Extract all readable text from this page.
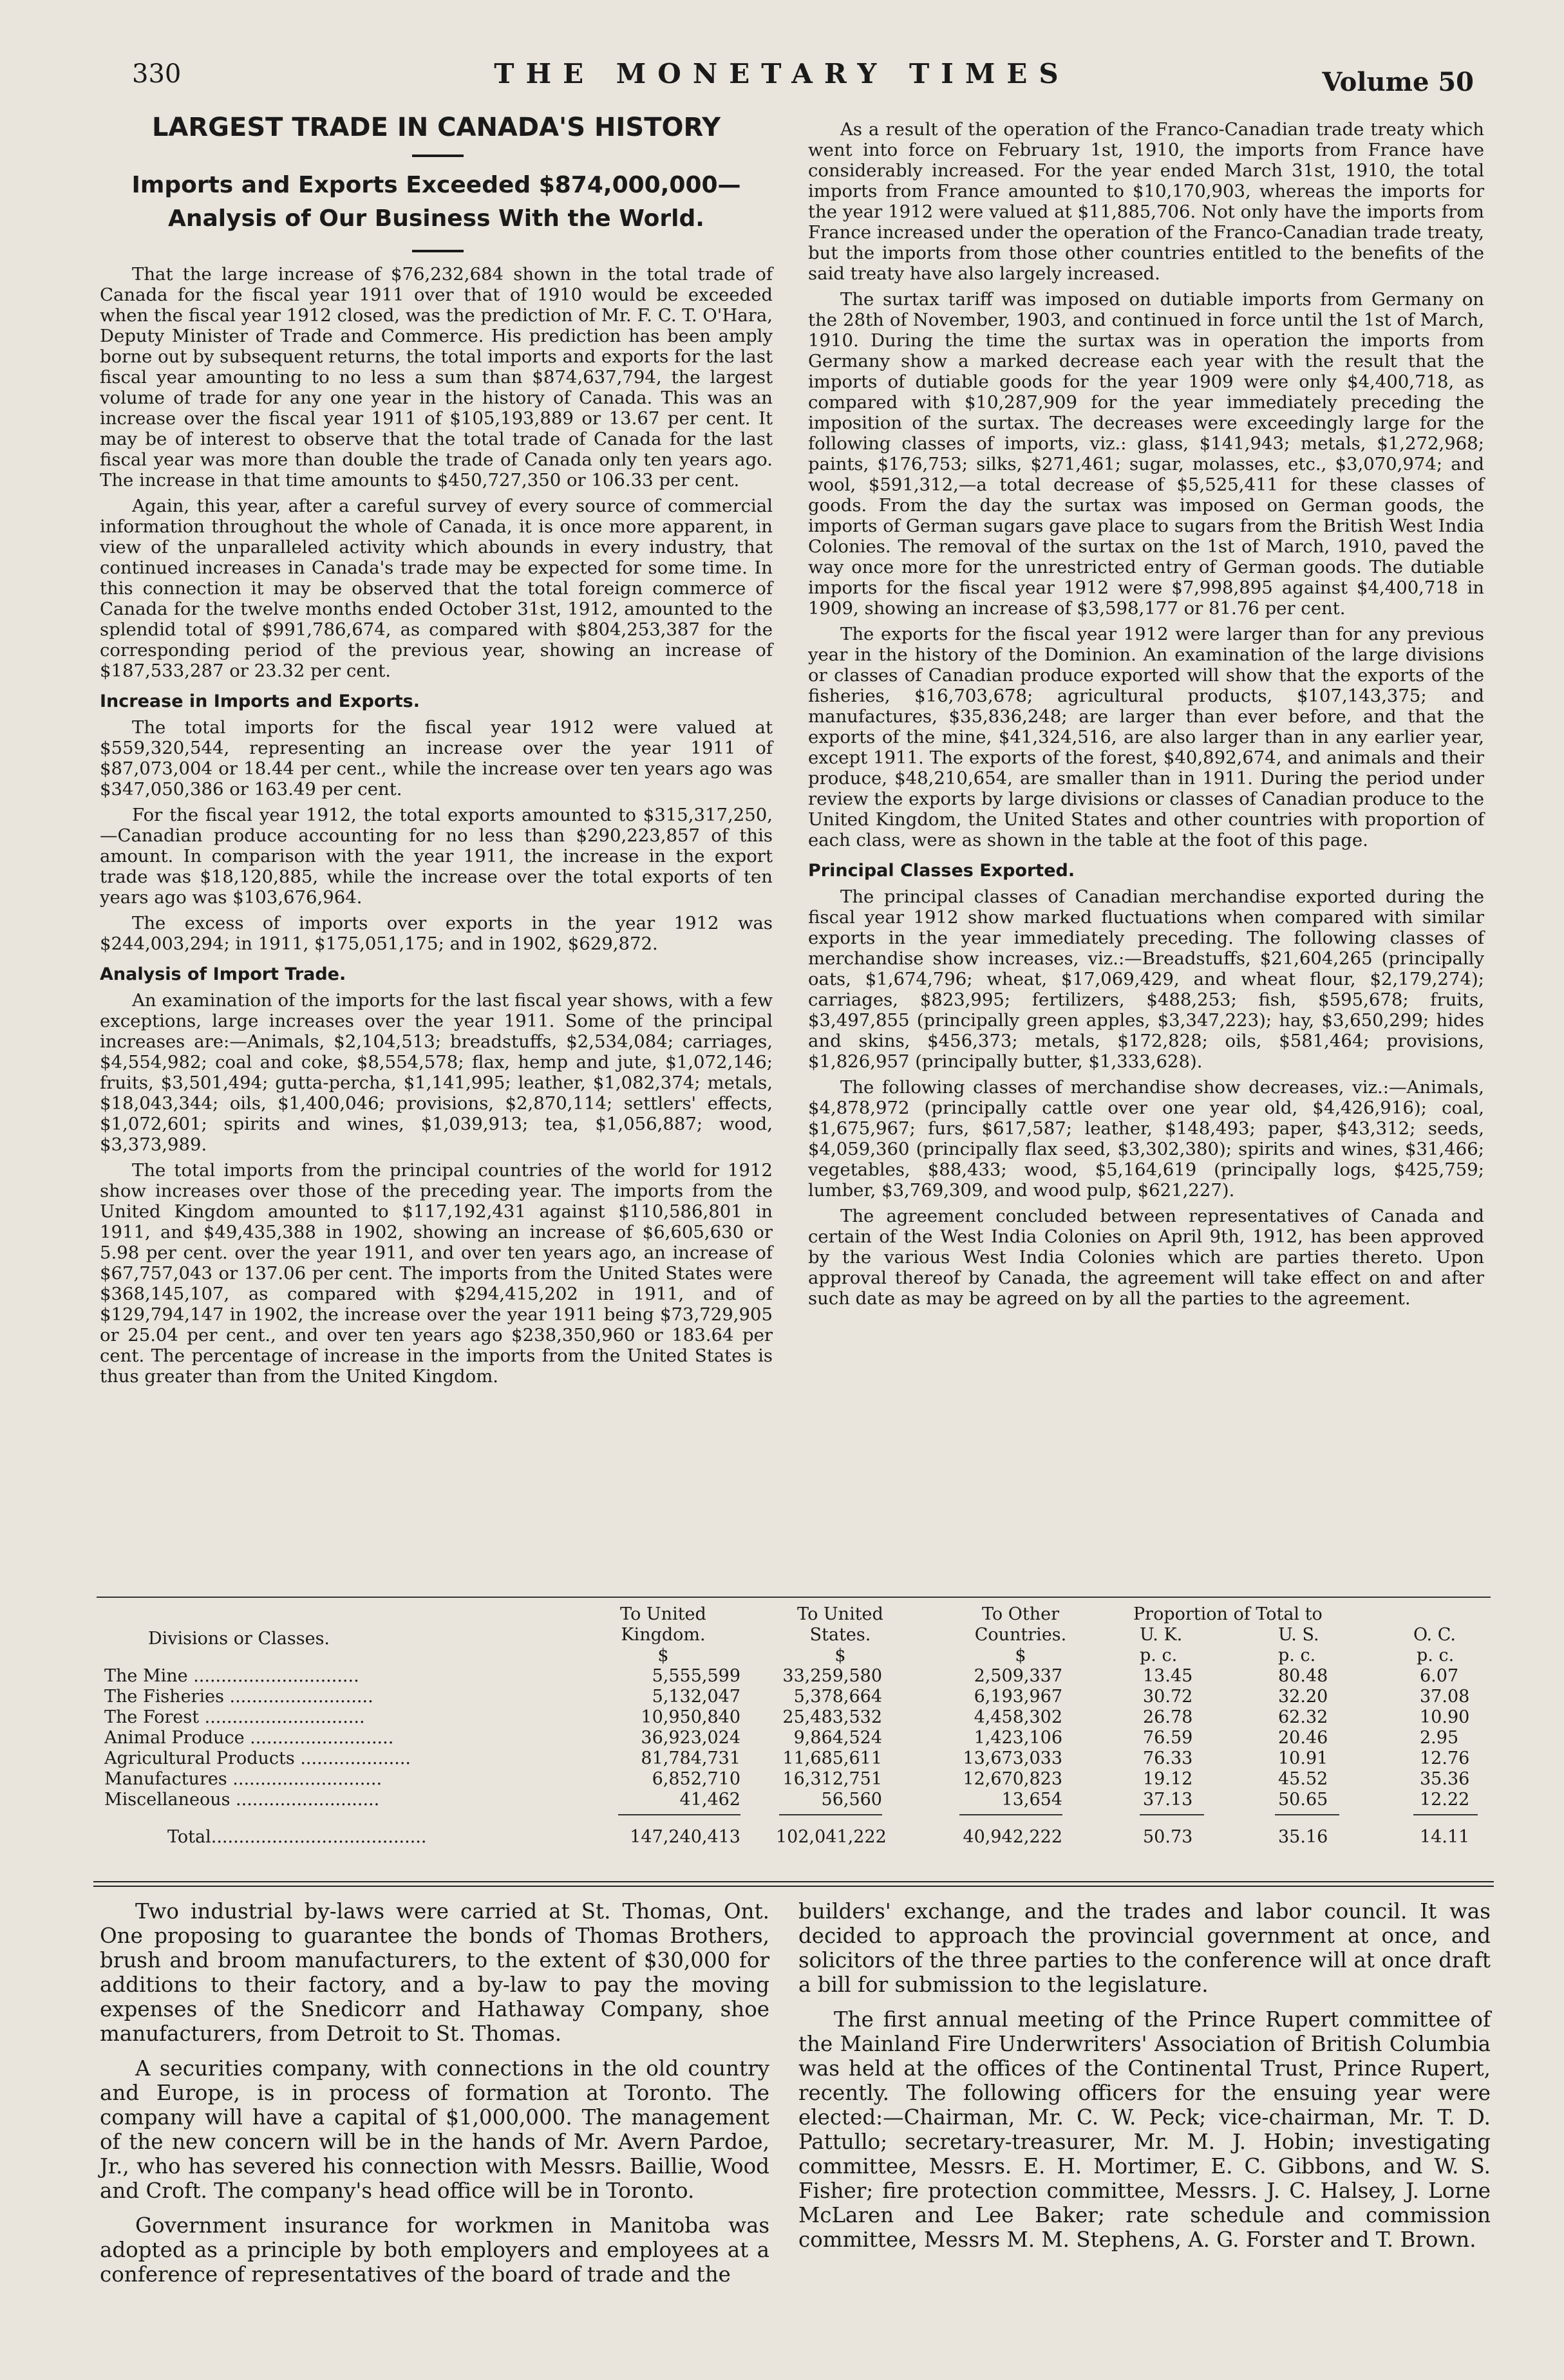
330	THE MONETARY TIMES	Volume 50
LARGEST TRADE IN CANADA'S HISTORY
Imports and Exports Exceeded $874,000,000—Analysis of Our Business With the World.

That the large increase of $76,232,684 shown in the total trade of Canada for the fiscal year 1911 over that of 1910 would be exceeded when the fiscal year 1912 closed, was the prediction of Mr. F. C. T. O'Hara, Deputy Minister of Trade and Commerce. His prediction has been amply borne out by subsequent returns, the total imports and exports for the last fiscal year amounting to no less a sum than $874,637,794, the largest volume of trade for any one year in the history of Canada. This was an increase over the fiscal year 1911 of $105,193,889 or 13.67 per cent. It may be of interest to observe that the total trade of Canada for the last fiscal year was more than double the trade of Canada only ten years ago. The increase in that time amounts to $450,727,350 or 106.33 per cent.

Again, this year, after a careful survey of every source of commercial information throughout the whole of Canada, it is once more apparent, in view of the unparalleled activity which abounds in every industry, that continued increases in Canada's trade may be expected for some time. In this connection it may be observed that the total foreign commerce of Canada for the twelve months ended October 31st, 1912, amounted to the splendid total of $991,786,674, as compared with $804,253,387 for the corresponding period of the previous year, showing an increase of $187,533,287 or 23.32 per cent.

Increase in Imports and Exports.

The total imports for the fiscal year 1912 were valued at $559,320,544, representing an increase over the year 1911 of $87,073,004 or 18.44 per cent., while the increase over ten years ago was $347,050,386 or 163.49 per cent.

For the fiscal year 1912, the total exports amounted to $315,317,250,—Canadian produce accounting for no less than $290,223,857 of this amount. In comparison with the year 1911, the increase in the export trade was $18,120,885, while the increase over the total exports of ten years ago was $103,676,964.

The excess of imports over exports in the year 1912 was $244,003,294; in 1911, $175,051,175; and in 1902, $629,872.

Analysis of Import Trade.

An examination of the imports for the last fiscal year shows, with a few exceptions, large increases over the year 1911. Some of the principal increases are:—Animals, $2,104,513; breadstuffs, $2,534,084; carriages, $4,554,982; coal and coke, $8,554,578; flax, hemp and jute, $1,072,146; fruits, $3,501,494; gutta-percha, $1,141,995; leather, $1,082,374; metals, $18,043,344; oils, $1,400,046; provisions, $2,870,114; settlers' effects, $1,072,601; spirits and wines, $1,039,913; tea, $1,056,887; wood, $3,373,989.

The total imports from the principal countries of the world for 1912 show increases over those of the preceding year. The imports from the United Kingdom amounted to $117,192,431 against $110,586,801 in 1911, and $49,435,388 in 1902, showing an increase of $6,605,630 or 5.98 per cent. over the year 1911, and over ten years ago, an increase of $67,757,043 or 137.06 per cent. The imports from the United States were $368,145,107, as compared with $294,415,202 in 1911, and of $129,794,147 in 1902, the increase over the year 1911 being $73,729,905 or 25.04 per cent., and over ten years ago $238,350,960 or 183.64 per cent. The percentage of increase in the imports from the United States is thus greater than from the United Kingdom.

As a result of the operation of the Franco-Canadian trade treaty which went into force on February 1st, 1910, the imports from France have considerably increased. For the year ended March 31st, 1910, the total imports from France amounted to $10,170,903, whereas the imports for the year 1912 were valued at $11,885,706. Not only have the imports from France increased under the operation of the Franco-Canadian trade treaty, but the imports from those other countries entitled to the benefits of the said treaty have also largely increased.

The surtax tariff was imposed on dutiable imports from Germany on the 28th of November, 1903, and continued in force until the 1st of March, 1910. During the time the surtax was in operation the imports from Germany show a marked decrease each year with the result that the imports of dutiable goods for the year 1909 were only $4,400,718, as compared with $10,287,909 for the year immediately preceding the imposition of the surtax. The decreases were exceedingly large for the following classes of imports, viz.: glass, $141,943; metals, $1,272,968; paints, $176,753; silks, $271,461; sugar, molasses, etc., $3,070,974; and wool, $591,312,—a total decrease of $5,525,411 for these classes of goods. From the day the surtax was imposed on German goods, the imports of German sugars gave place to sugars from the British West India Colonies. The removal of the surtax on the 1st of March, 1910, paved the way once more for the unrestricted entry of German goods. The dutiable imports for the fiscal year 1912 were $7,998,895 against $4,400,718 in 1909, showing an increase of $3,598,177 or 81.76 per cent.

The exports for the fiscal year 1912 were larger than for any previous year in the history of the Dominion. An examination of the large divisions or classes of Canadian produce exported will show that the exports of the fisheries, $16,703,678; agricultural products, $107,143,375; and manufactures, $35,836,248; are larger than ever before, and that the exports of the mine, $41,324,516, are also larger than in any earlier year, except 1911. The exports of the forest, $40,892,674, and animals and their produce, $48,210,654, are smaller than in 1911. During the period under review the exports by large divisions or classes of Canadian produce to the United Kingdom, the United States and other countries with proportion of each class, were as shown in the table at the foot of this page.

Principal Classes Exported.

The principal classes of Canadian merchandise exported during the fiscal year 1912 show marked fluctuations when compared with similar exports in the year immediately preceding. The following classes of merchandise show increases, viz.:—Breadstuffs, $21,604,265 (principally oats, $1,674,796; wheat, $17,069,429, and wheat flour, $2,179,274); carriages, $823,995; fertilizers, $488,253; fish, $595,678; fruits, $3,497,855 (principally green apples, $3,347,223); hay, $3,650,299; hides and skins, $456,373; metals, $172,828; oils, $581,464; provisions, $1,826,957 (principally butter, $1,333,628).

The following classes of merchandise show decreases, viz.:—Animals, $4,878,972 (principally cattle over one year old, $4,426,916); coal, $1,675,967; furs, $617,587; leather, $148,493; paper, $43,312; seeds, $4,059,360 (principally flax seed, $3,302,380); spirits and wines, $31,466; vegetables, $88,433; wood, $5,164,619 (principally logs, $425,759; lumber, $3,769,309, and wood pulp, $621,227).

The agreement concluded between representatives of Canada and certain of the West India Colonies on April 9th, 1912, has been approved by the various West India Colonies which are parties thereto. Upon approval thereof by Canada, the agreement will take effect on and after such date as may be agreed on by all the parties to the agreement.

Divisions or Classes.
To United Kingdom.
To United States.
To Other Countries.
Proportion of Total to
U. K.	U. S.	O. C.
$	$	$	p. c.	p. c.	p. c.
The Mine ..............................	5,555,599	33,259,580	2,509,337	13.45	80.48	6.07
The Fisheries ..........................	5,132,047	5,378,664	6,193,967	30.72	32.20	37.08
The Forest .............................	10,950,840	25,483,532	4,458,302	26.78	62.32	10.90
Animal Produce ..........................	36,923,024	9,864,524	1,423,106	76.59	20.46	2.95
Agricultural Products ....................	81,784,731	11,685,611	13,673,033	76.33	10.91	12.76
Manufactures ...........................	6,852,710	16,312,751	12,670,823	19.12	45.52	35.36
Miscellaneous ..........................	41,462	56,560	13,654	37.13	50.65	12.22
Total.......................................	147,240,413 102,041,222	40,942,222	50.73	35.16	14.11

Two industrial by-laws were carried at St. Thomas, Ont. One proposing to guarantee the bonds of Thomas Brothers, brush and broom manufacturers, to the extent of $30,000 for additions to their factory, and a by-law to pay the moving expenses of the Snedicorr and Hathaway Company, shoe manufacturers, from Detroit to St. Thomas.

A securities company, with connections in the old country and Europe, is in process of formation at Toronto. The company will have a capital of $1,000,000. The management of the new concern will be in the hands of Mr. Avern Pardoe, Jr., who has severed his connection with Messrs. Baillie, Wood and Croft. The company's head office will be in Toronto.

Government insurance for workmen in Manitoba was adopted as a principle by both employers and employees at a conference of representatives of the board of trade and the

builders' exchange, and the trades and labor council. It was decided to approach the provincial government at once, and solicitors of the three parties to the conference will at once draft a bill for submission to the legislature.

The first annual meeting of the Prince Rupert committee of the Mainland Fire Underwriters' Association of British Columbia was held at the offices of the Continental Trust, Prince Rupert, recently. The following officers for the ensuing year were elected:—Chairman, Mr. C. W. Peck; vice-chairman, Mr. T. D. Pattullo; secretary-treasurer, Mr. M. J. Hobin; investigating committee, Messrs. E. H. Mortimer, E. C. Gibbons, and W. S. Fisher; fire protection committee, Messrs. J. C. Halsey, J. Lorne McLaren and Lee Baker; rate schedule and commission committee, Messrs M. M. Stephens, A. G. Forster and T. Brown.
